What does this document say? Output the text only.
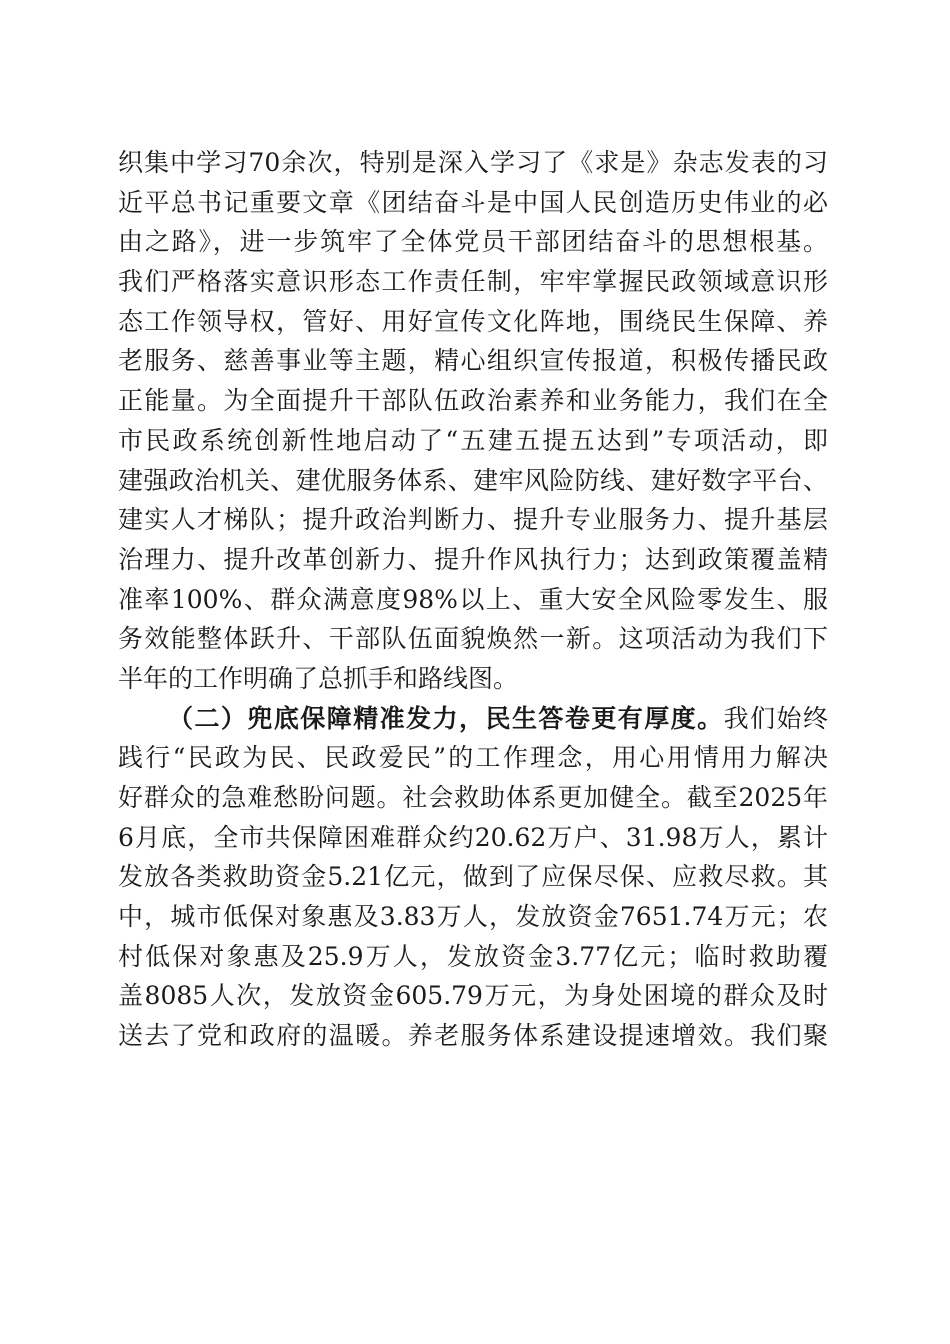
织集中学习70余次，特别是深入学习了《求是》杂志发表的习
近平总书记重要文章《团结奋斗是中国人民创造历史伟业的必
由之路》，进一步筑牢了全体党员干部团结奋斗的思想根基。
我们严格落实意识形态工作责任制，牢牢掌握民政领域意识形
态工作领导权，管好、用好宣传文化阵地，围绕民生保障、养
老服务、慈善事业等主题，精心组织宣传报道，积极传播民政
正能量。为全面提升干部队伍政治素养和业务能力，我们在全
市民政系统创新性地启动了“五建五提五达到”专项活动，即
建强政治机关、建优服务体系、建牢风险防线、建好数字平台、
建实人才梯队；提升政治判断力、提升专业服务力、提升基层
治理力、提升改革创新力、提升作风执行力；达到政策覆盖精
准率100%、群众满意度98%以上、重大安全风险零发生、服
务效能整体跃升、干部队伍面貌焕然一新。这项活动为我们下
半年的工作明确了总抓手和路线图。
（二）兜底保障精准发力，民生答卷更有厚度。我们始终
践行“民政为民、民政爱民”的工作理念，用心用情用力解决
好群众的急难愁盼问题。社会救助体系更加健全。截至2025年
6月底，全市共保障困难群众约20.62万户、31.98万人，累计
发放各类救助资金5.21亿元，做到了应保尽保、应救尽救。其
中，城市低保对象惠及3.83万人，发放资金7651.74万元；农
村低保对象惠及25.9万人，发放资金3.77亿元；临时救助覆
盖8085人次，发放资金605.79万元，为身处困境的群众及时
送去了党和政府的温暖。养老服务体系建设提速增效。我们聚
